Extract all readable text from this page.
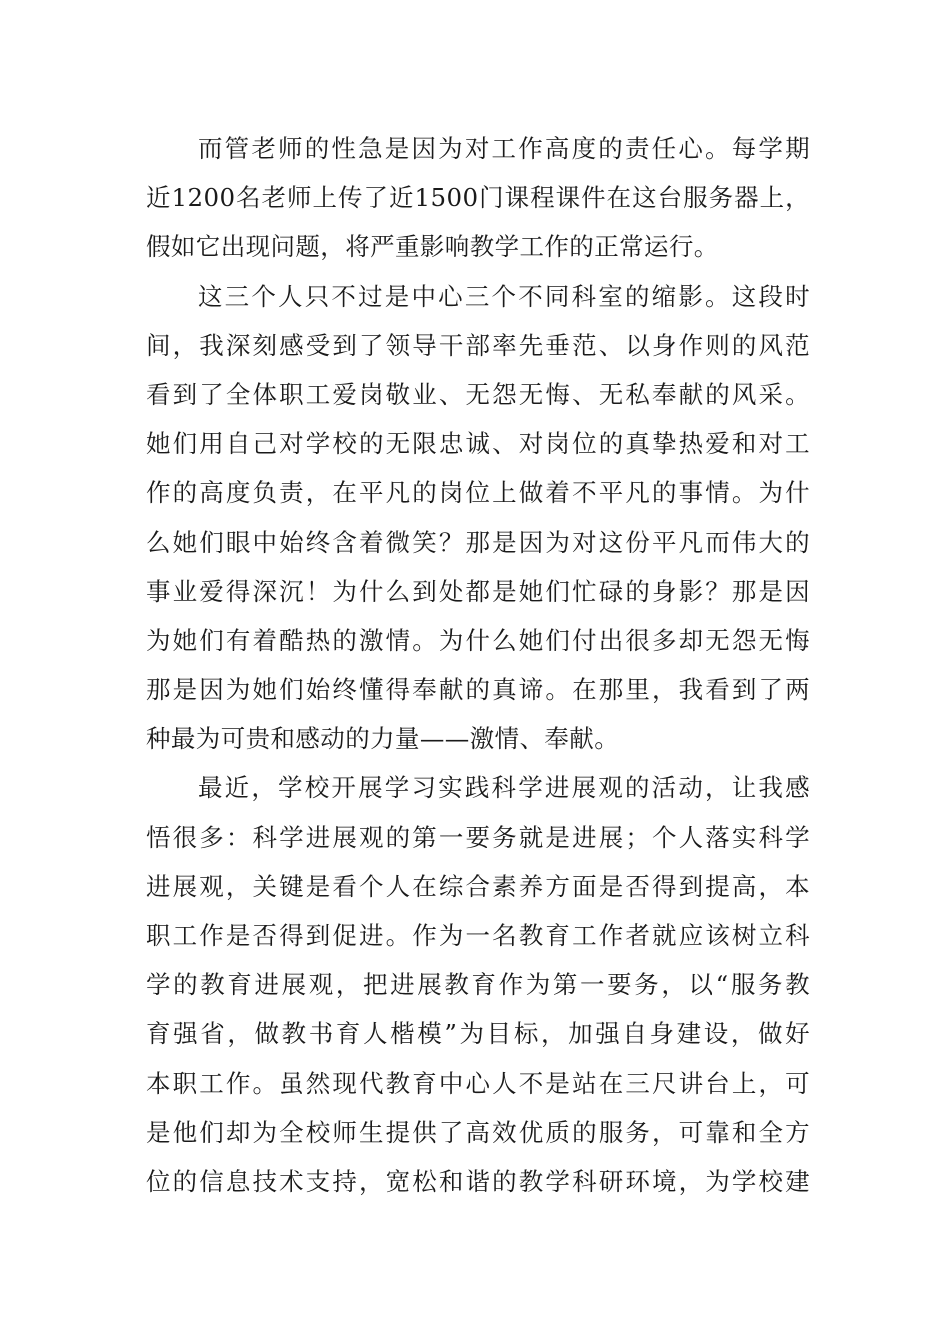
而管老师的性急是因为对工作高度的责任心。每学期
近1200名老师上传了近1500门课程课件在这台服务器上，
假如它出现问题，将严重影响教学工作的正常运行。
这三个人只不过是中心三个不同科室的缩影。这段时
间，我深刻感受到了领导干部率先垂范、以身作则的风范
看到了全体职工爱岗敬业、无怨无悔、无私奉献的风采。
她们用自己对学校的无限忠诚、对岗位的真挚热爱和对工
作的高度负责，在平凡的岗位上做着不平凡的事情。为什
么她们眼中始终含着微笑？那是因为对这份平凡而伟大的
事业爱得深沉！为什么到处都是她们忙碌的身影？那是因
为她们有着酷热的激情。为什么她们付出很多却无怨无悔
那是因为她们始终懂得奉献的真谛。在那里，我看到了两
种最为可贵和感动的力量——激情、奉献。
最近，学校开展学习实践科学进展观的活动，让我感
悟很多：科学进展观的第一要务就是进展；个人落实科学
进展观，关键是看个人在综合素养方面是否得到提高，本
职工作是否得到促进。作为一名教育工作者就应该树立科
学的教育进展观，把进展教育作为第一要务，以“服务教
育强省，做教书育人楷模”为目标，加强自身建设，做好
本职工作。虽然现代教育中心人不是站在三尺讲台上，可
是他们却为全校师生提供了高效优质的服务，可靠和全方
位的信息技术支持，宽松和谐的教学科研环境，为学校建
